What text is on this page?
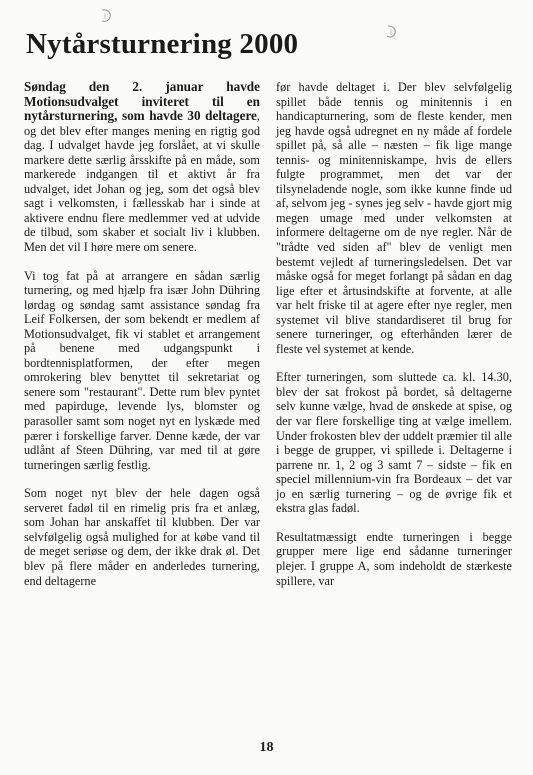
Nytårsturnering 2000

Søndag den 2. januar havde Motionsudvalget inviteret til en nytårsturnering, som havde 30 deltagere, og det blev efter manges mening en rigtig god dag. I udvalget havde jeg forslået, at vi skulle markere dette særlig årsskifte på en måde, som markerede indgangen til et aktivt år fra udvalget, idet Johan og jeg, som det også blev sagt i velkomsten, i fællesskab har i sinde at aktivere endnu flere medlemmer ved at udvide de tilbud, som skaber et socialt liv i klubben. Men det vil I høre mere om senere.

Vi tog fat på at arrangere en sådan særlig turnering, og med hjælp fra især John Dühring lørdag og søndag samt assistance søndag fra Leif Folkersen, der som bekendt er medlem af Motionsudvalget, fik vi stablet et arrangement på benene med udgangspunkt i bordtennisplatformen, der efter megen omrokering blev benyttet til sekretariat og senere som "restaurant". Dette rum blev pyntet med papirduge, levende lys, blomster og parasoller samt som noget nyt en lyskæde med pærer i forskellige farver. Denne kæde, der var udlånt af Steen Dühring, var med til at gøre turneringen særlig festlig.

Som noget nyt blev der hele dagen også serveret fadøl til en rimelig pris fra et anlæg, som Johan har anskaffet til klubben. Der var selvfølgelig også mulighed for at købe vand til de meget seriøse og dem, der ikke drak øl. Det blev på flere måder en anderledes turnering, end deltagerne

før havde deltaget i. Der blev selvfølgelig spillet både tennis og minitennis i en handicapturnering, som de fleste kender, men jeg havde også udregnet en ny måde af fordele spillet på, så alle – næsten – fik lige mange tennis- og minitenniskampe, hvis de ellers fulgte programmet, men det var der tilsyneladende nogle, som ikke kunne finde ud af, selvom jeg - synes jeg selv - havde gjort mig megen umage med under velkomsten at informere deltagerne om de nye regler. Når de "trådte ved siden af" blev de venligt men bestemt vejledt af turneringsledelsen. Det var måske også for meget forlangt på sådan en dag lige efter et årtusindskifte at forvente, at alle var helt friske til at agere efter nye regler, men systemet vil blive standardiseret til brug for senere turneringer, og efterhånden lærer de fleste vel systemet at kende.

Efter turneringen, som sluttede ca. kl. 14.30, blev der sat frokost på bordet, så deltagerne selv kunne vælge, hvad de ønskede at spise, og der var flere forskellige ting at vælge imellem. Under frokosten blev der uddelt præmier til alle i begge de grupper, vi spillede i. Deltagerne i parrene nr. 1, 2 og 3 samt 7 – sidste – fik en speciel millennium-vin fra Bordeaux – det var jo en særlig turnering – og de øvrige fik et ekstra glas fadøl.

Resultatmæssigt endte turneringen i begge grupper mere lige end sådanne turneringer plejer. I gruppe A, som indeholdt de stærkeste spillere, var

18
